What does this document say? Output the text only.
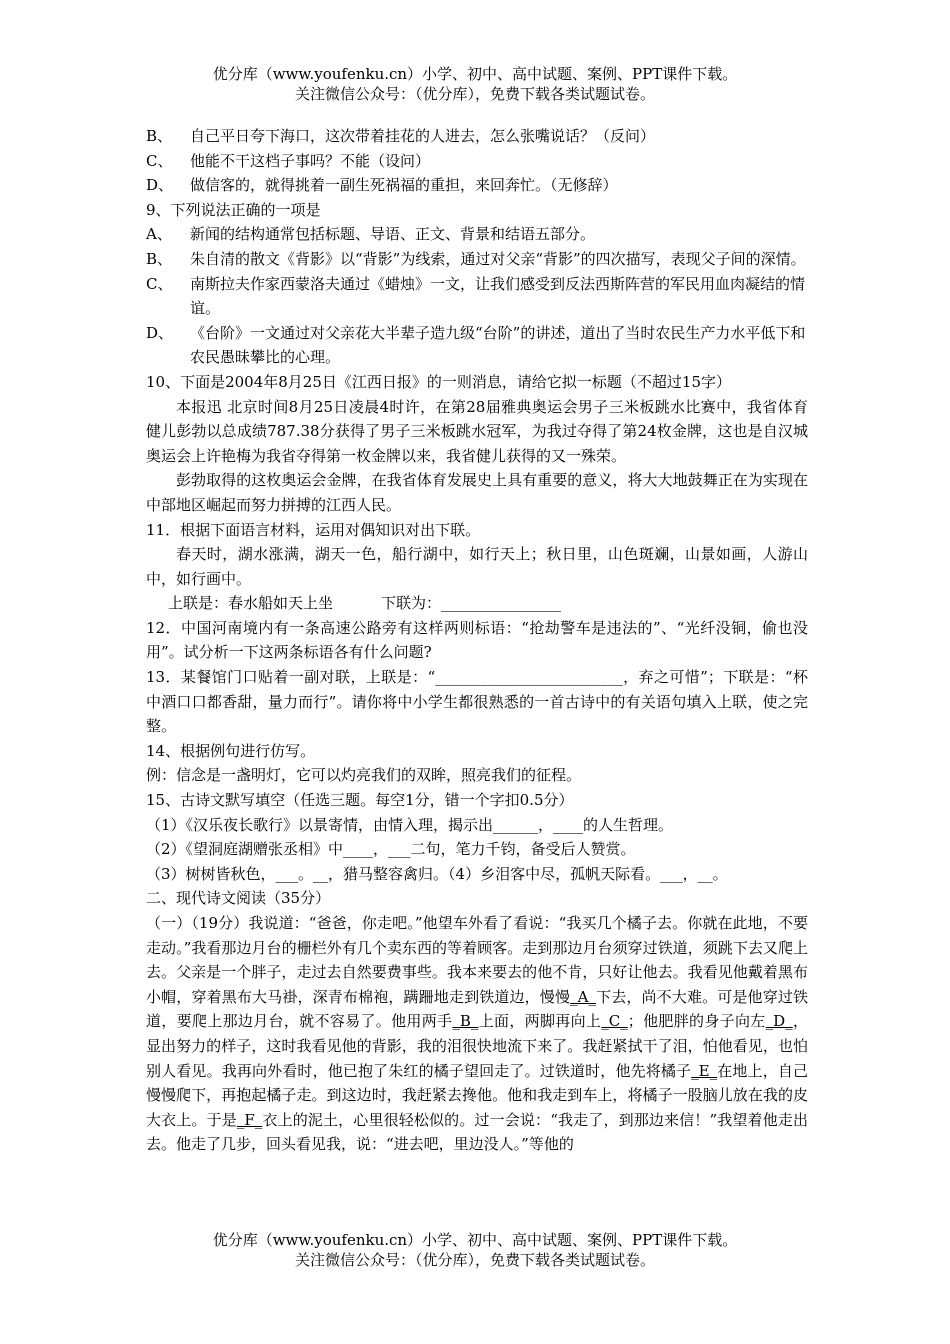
优分库（www.youfenku.cn）小学、初中、高中试题、案例、PPT课件下载。
关注微信公众号：（优分库），免费下载各类试题试卷。

B、 自己平日夸下海口，这次带着挂花的人进去，怎么张嘴说话？（反问）

C、 他能不干这档子事吗？不能（设问）

D、 做信客的，就得挑着一副生死祸福的重担，来回奔忙。（无修辞）

9、下列说法正确的一项是

A、 新闻的结构通常包括标题、导语、正文、背景和结语五部分。

B、 朱自清的散文《背影》以“背影”为线索，通过对父亲“背影”的四次描写，表现父子间的深情。

C、 南斯拉夫作家西蒙洛夫通过《蜡烛》一文，让我们感受到反法西斯阵营的军民用血肉凝结的情谊。

D、 《台阶》一文通过对父亲花大半辈子造九级“台阶”的讲述，道出了当时农民生产力水平低下和农民愚昧攀比的心理。

10、下面是2004年8月25日《江西日报》的一则消息，请给它拟一标题（不超过15字）

本报迅 北京时间8月25日凌晨4时许，在第28届雅典奥运会男子三米板跳水比赛中，我省体育健儿彭勃以总成绩787.38分获得了男子三米板跳水冠军，为我过夺得了第24枚金牌，这也是自汉城奥运会上许艳梅为我省夺得第一枚金牌以来，我省健儿获得的又一殊荣。

彭勃取得的这枚奥运会金牌，在我省体育发展史上具有重要的意义，将大大地鼓舞正在为实现在中部地区崛起而努力拼搏的江西人民。

11．根据下面语言材料，运用对偶知识对出下联。

春天时，湖水涨满，湖天一色，船行湖中，如行天上；秋日里，山色斑斓，山景如画，人游山中，如行画中。

上联是：春水船如天上坐	下联为：________________

12．中国河南境内有一条高速公路旁有这样两则标语：“抢劫警车是违法的”、“光纤没铜，偷也没用”。试分析一下这两条标语各有什么问题?

13．某餐馆门口贴着一副对联，上联是：“_________________________，弃之可惜”；下联是：“杯中酒口口都香甜，量力而行”。请你将中小学生都很熟悉的一首古诗中的有关语句填入上联，使之完整。

14、根据例句进行仿写。

例：信念是一盏明灯，它可以灼亮我们的双眸，照亮我们的征程。

15、古诗文默写填空（任选三题。每空1分，错一个字扣0.5分）

（1）《汉乐夜长歌行》以景寄情，由情入理，揭示出______，____的人生哲理。

（2）《望洞庭湖赠张丞相》中____，___二句，笔力千钧，备受后人赞赏。

（3）树树皆秋色，___。__，猎马整容禽归。（4）乡泪客中尽，孤帆天际看。___，__。

二、现代诗文阅读（35分）

（一）（19分）我说道：“爸爸，你走吧。”他望车外看了看说：“我买几个橘子去。你就在此地，不要走动。”我看那边月台的栅栏外有几个卖东西的等着顾客。走到那边月台须穿过铁道，须跳下去又爬上去。父亲是一个胖子，走过去自然要费事些。我本来要去的他不肯，只好让他去。我看见他戴着黑布小帽，穿着黑布大马褂，深青布棉袍，蹒跚地走到铁道边，慢慢_A_下去，尚不大难。可是他穿过铁道，要爬上那边月台，就不容易了。他用两手_B_上面，两脚再向上_C_；他肥胖的身子向左_D_，显出努力的样子，这时我看见他的背影，我的泪很快地流下来了。我赶紧拭干了泪，怕他看见，也怕别人看见。我再向外看时，他已抱了朱红的橘子望回走了。过铁道时，他先将橘子_E_在地上，自己慢慢爬下，再抱起橘子走。到这边时，我赶紧去搀他。他和我走到车上，将橘子一股脑儿放在我的皮大衣上。于是_F_衣上的泥土，心里很轻松似的。过一会说：“我走了，到那边来信！”我望着他走出去。他走了几步，回头看见我，说：“进去吧，里边没人。”等他的

优分库（www.youfenku.cn）小学、初中、高中试题、案例、PPT课件下载。
关注微信公众号：（优分库），免费下载各类试题试卷。
